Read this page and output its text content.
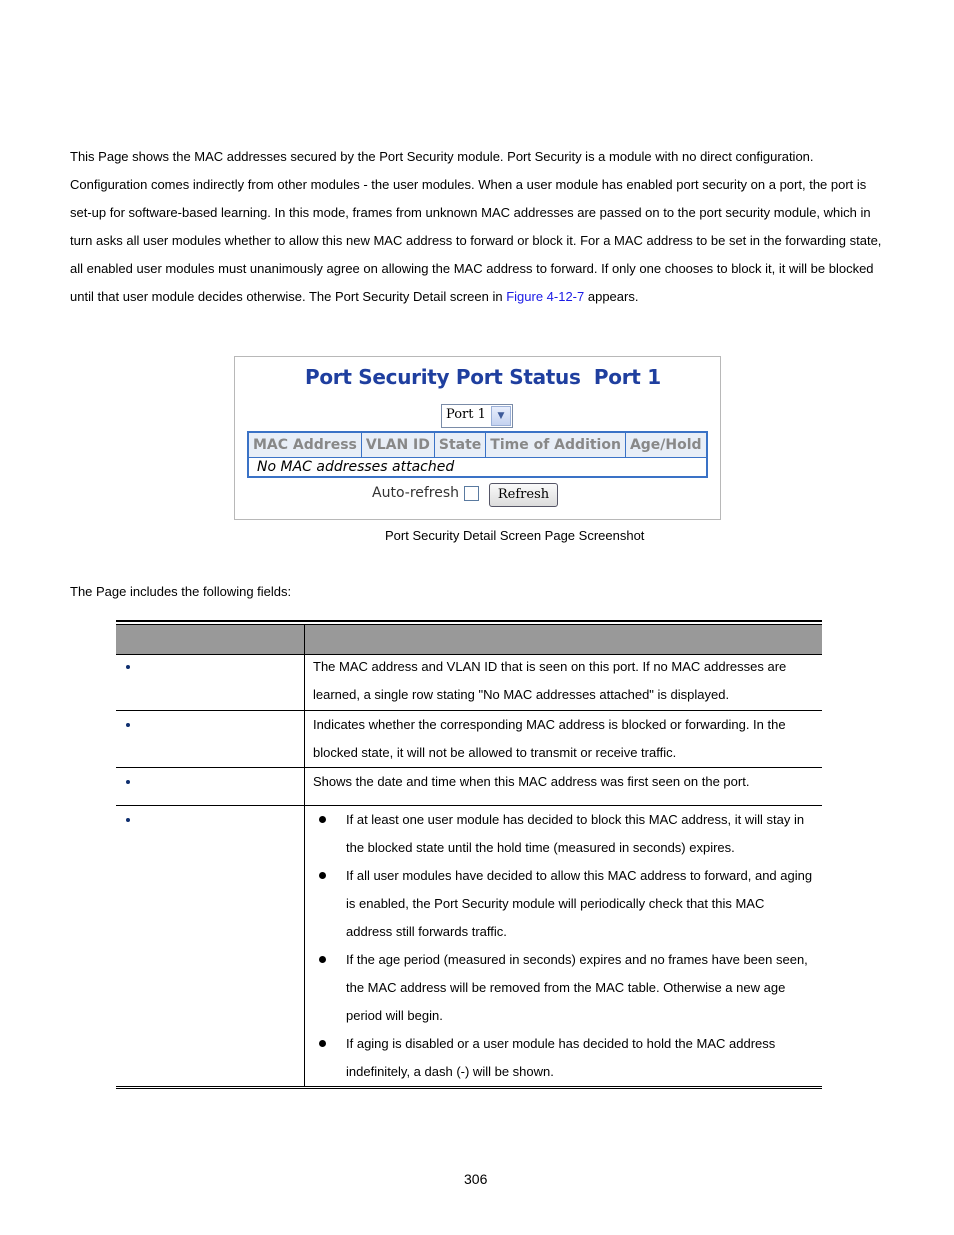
This Page shows the MAC addresses secured by the Port Security module. Port Security is a module with no direct configuration. Configuration comes indirectly from other modules - the user modules. When a user module has enabled port security on a port, the port is set-up for software-based learning. In this mode, frames from unknown MAC addresses are passed on to the port security module, which in turn asks all user modules whether to allow this new MAC address to forward or block it. For a MAC address to be set in the forwarding state, all enabled user modules must unanimously agree on allowing the MAC address to forward. If only one chooses to block it, it will be blocked until that user module decides otherwise. The Port Security Detail screen in Figure 4-12-7 appears.
Port Security Port Status  Port 1
Port 1	▼
MAC Address	VLAN ID	State	Time of Addition	Age/Hold
No MAC addresses attached
Auto-refresh	Refresh
Port Security Detail Screen Page Screenshot
The Page includes the following fields:
The MAC address and VLAN ID that is seen on this port. If no MAC addresses are learned, a single row stating "No MAC addresses attached" is displayed.
Indicates whether the corresponding MAC address is blocked or forwarding. In the blocked state, it will not be allowed to transmit or receive traffic.
Shows the date and time when this MAC address was first seen on the port.
If at least one user module has decided to block this MAC address, it will stay in the blocked state until the hold time (measured in seconds) expires.
If all user modules have decided to allow this MAC address to forward, and aging is enabled, the Port Security module will periodically check that this MAC address still forwards traffic.
If the age period (measured in seconds) expires and no frames have been seen, the MAC address will be removed from the MAC table. Otherwise a new age period will begin.
If aging is disabled or a user module has decided to hold the MAC address indefinitely, a dash (-) will be shown.
306
